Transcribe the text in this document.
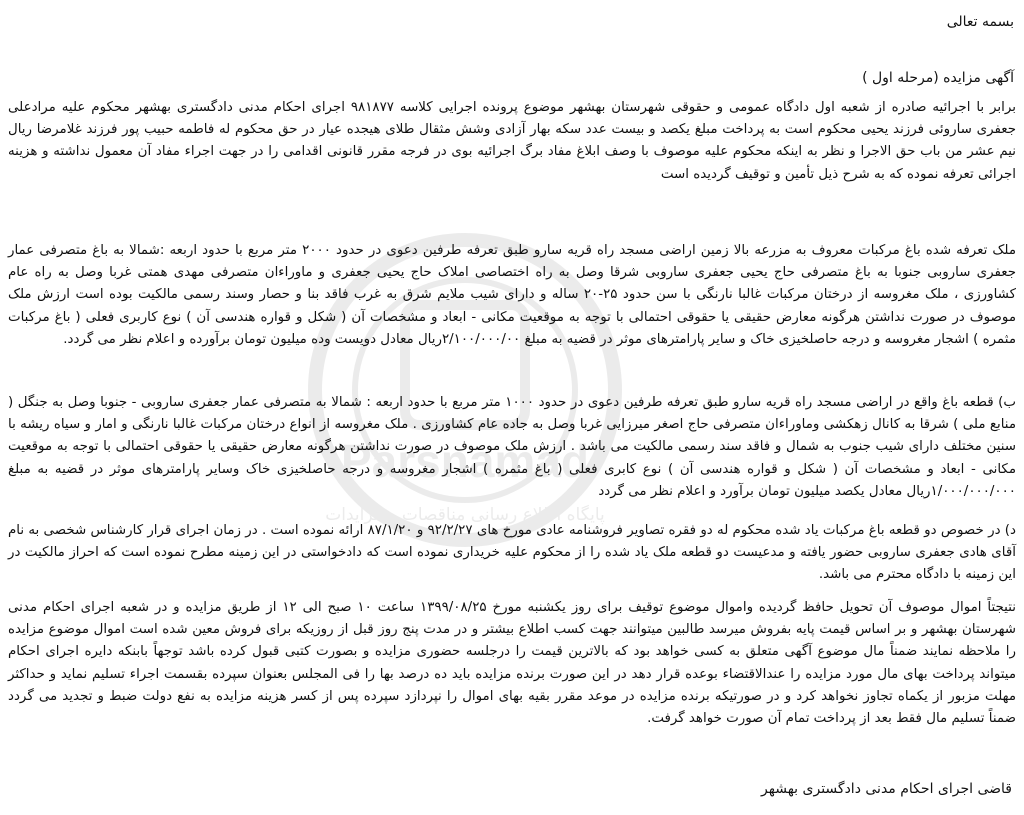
Parsnamad
پایگاه اطلاع رسانی مناقصات و مزایدات
بسمه تعالی
آگهی مزایده (مرحله اول )

برابر با اجرائیه صادره از شعبه اول دادگاه عمومی و حقوقی شهرستان بهشهر موضوع پرونده اجرایی کلاسه ۹۸۱۸۷۷ اجرای احکام مدنی دادگستری بهشهر محکوم علیه مرادعلی جعفری ساروئی فرزند یحیی محکوم است به پرداخت مبلغ یکصد و بیست عدد سکه بهار آزادی وشش مثقال طلای هیجده عیار در حق محکوم له فاطمه حبیب پور فرزند غلامرضا ریال نیم عشر من باب حق الاجرا و نظر به اینکه محکوم علیه موصوف با وصف ابلاغ مفاد برگ اجرائیه بوی در فرجه مقرر قانونی اقدامی را در جهت اجراء مفاد آن معمول نداشته و هزینه اجرائی تعرفه نموده که به شرح ذیل تأمین و توقیف گردیده است

ملک تعرفه شده باغ مرکبات معروف به مزرعه بالا زمین اراضی مسجد راه قریه سارو طبق تعرفه طرفین دعوی در حدود ۲۰۰۰ متر مربع با حدود اربعه :شمالا به باغ متصرفی عمار جعفری ساروبی جنوبا به باغ متصرفی حاج یحیی جعفری ساروبی شرقا وصل به راه اختصاصی املاک حاج یحیی جعفری و ماوراءان متصرفی مهدی همتی غربا وصل به راه عام کشاورزی ، ملک مغروسه از درختان مرکبات غالبا نارنگی با سن حدود ۲۵-۲۰ ساله و دارای شیب ملایم شرق به غرب فاقد بنا و حصار وسند رسمی مالکیت بوده است ارزش ملک موصوف در صورت نداشتن هرگونه معارض حقیقی یا حقوقی احتمالی با توجه به موقعیت مکانی - ابعاد و مشخصات آن ( شکل و قواره هندسی آن ) نوع کاربری فعلی ( باغ مرکبات مثمره ) اشجار مغروسه و درجه حاصلخیزی خاک و سایر پارامترهای موثر در قضیه به مبلغ ۲/۱۰۰/۰۰۰/۰۰ریال معادل دویست وده میلیون تومان برآورده و اعلام نظر می گردد.

ب) قطعه باغ واقع در اراضی مسجد راه قریه سارو طبق تعرفه طرفین دعوی در حدود ۱۰۰۰ متر مربع با حدود اربعه : شمالا به متصرفی عمار جعفری ساروبی - جنوبا وصل به جنگل ( منابع ملی ) شرقا به کانال زهکشی وماوراءان متصرفی حاج اصغر میرزایی غربا وصل به جاده عام کشاورزی . ملک مغروسه از انواع درختان مرکبات غالبا نارنگی و امار و سیاه ریشه با سنین مختلف دارای شیب جنوب به شمال و فاقد سند رسمی مالکیت می باشد . ارزش ملک موصوف در صورت نداشتن هرگونه معارض حقیقی یا حقوقی احتمالی با توجه به موقعیت مکانی - ابعاد و مشخصات آن ( شکل و قواره هندسی آن ) نوع کابری فعلی ( باغ مثمره ) اشجار مغروسه و درجه حاصلخیزی خاک وسایر پارامترهای موثر در قضیه به مبلغ ۱/۰۰۰/۰۰۰/۰۰۰ریال معادل یکصد میلیون تومان برآورد و اعلام نظر می گردد

د) در خصوص دو قطعه باغ مرکبات یاد شده محکوم له دو فقره تصاویر فروشنامه عادی مورخ های ۹۲/۲/۲۷ و ۸۷/۱/۲۰ ارائه نموده است . در زمان اجرای قرار کارشناس شخصی به نام آقای هادی جعفری ساروبی حضور یافته و مدعیست دو قطعه ملک یاد شده را از محکوم علیه خریداری نموده است که دادخواستی در این زمینه مطرح نموده است که احراز مالکیت در این زمینه با دادگاه محترم می باشد.

نتیجتاً اموال موصوف آن تحویل حافظ گردیده واموال موضوع توقیف برای روز یکشنبه مورخ ۱۳۹۹/۰۸/۲۵ ساعت ۱۰ صبح الی ۱۲ از طریق مزایده و در شعبه اجرای احکام مدنی شهرستان بهشهر و بر اساس قیمت پایه بفروش میرسد طالبین میتوانند جهت کسب اطلاع بیشتر و در مدت پنج روز قبل از روزیکه برای فروش معین شده است اموال موضوع مزایده را ملاحظه نمایند ضمناً مال موضوع آگهی متعلق به کسی خواهد بود که بالاترین قیمت را درجلسه حضوری مزایده و بصورت کتبی قبول کرده باشد توجهاً بابنکه دایره اجرای احکام میتواند پرداخت بهای مال مورد مزایده را عندالاقتضاء بوعده قرار دهد در این صورت برنده مزایده باید ده درصد بها را فی المجلس بعنوان سپرده بقسمت اجراء تسلیم نماید و حداکثر مهلت مزبور از یکماه تجاوز نخواهد کرد و در صورتیکه برنده مزایده در موعد مقرر بقیه بهای اموال را نپردازد سپرده پس از کسر هزینه مزایده به نفع دولت ضبط و تجدید می گردد ضمناً تسلیم مال فقط بعد از پرداخت تمام آن صورت خواهد گرفت.

قاضی اجرای احکام مدنی دادگستری بهشهر
